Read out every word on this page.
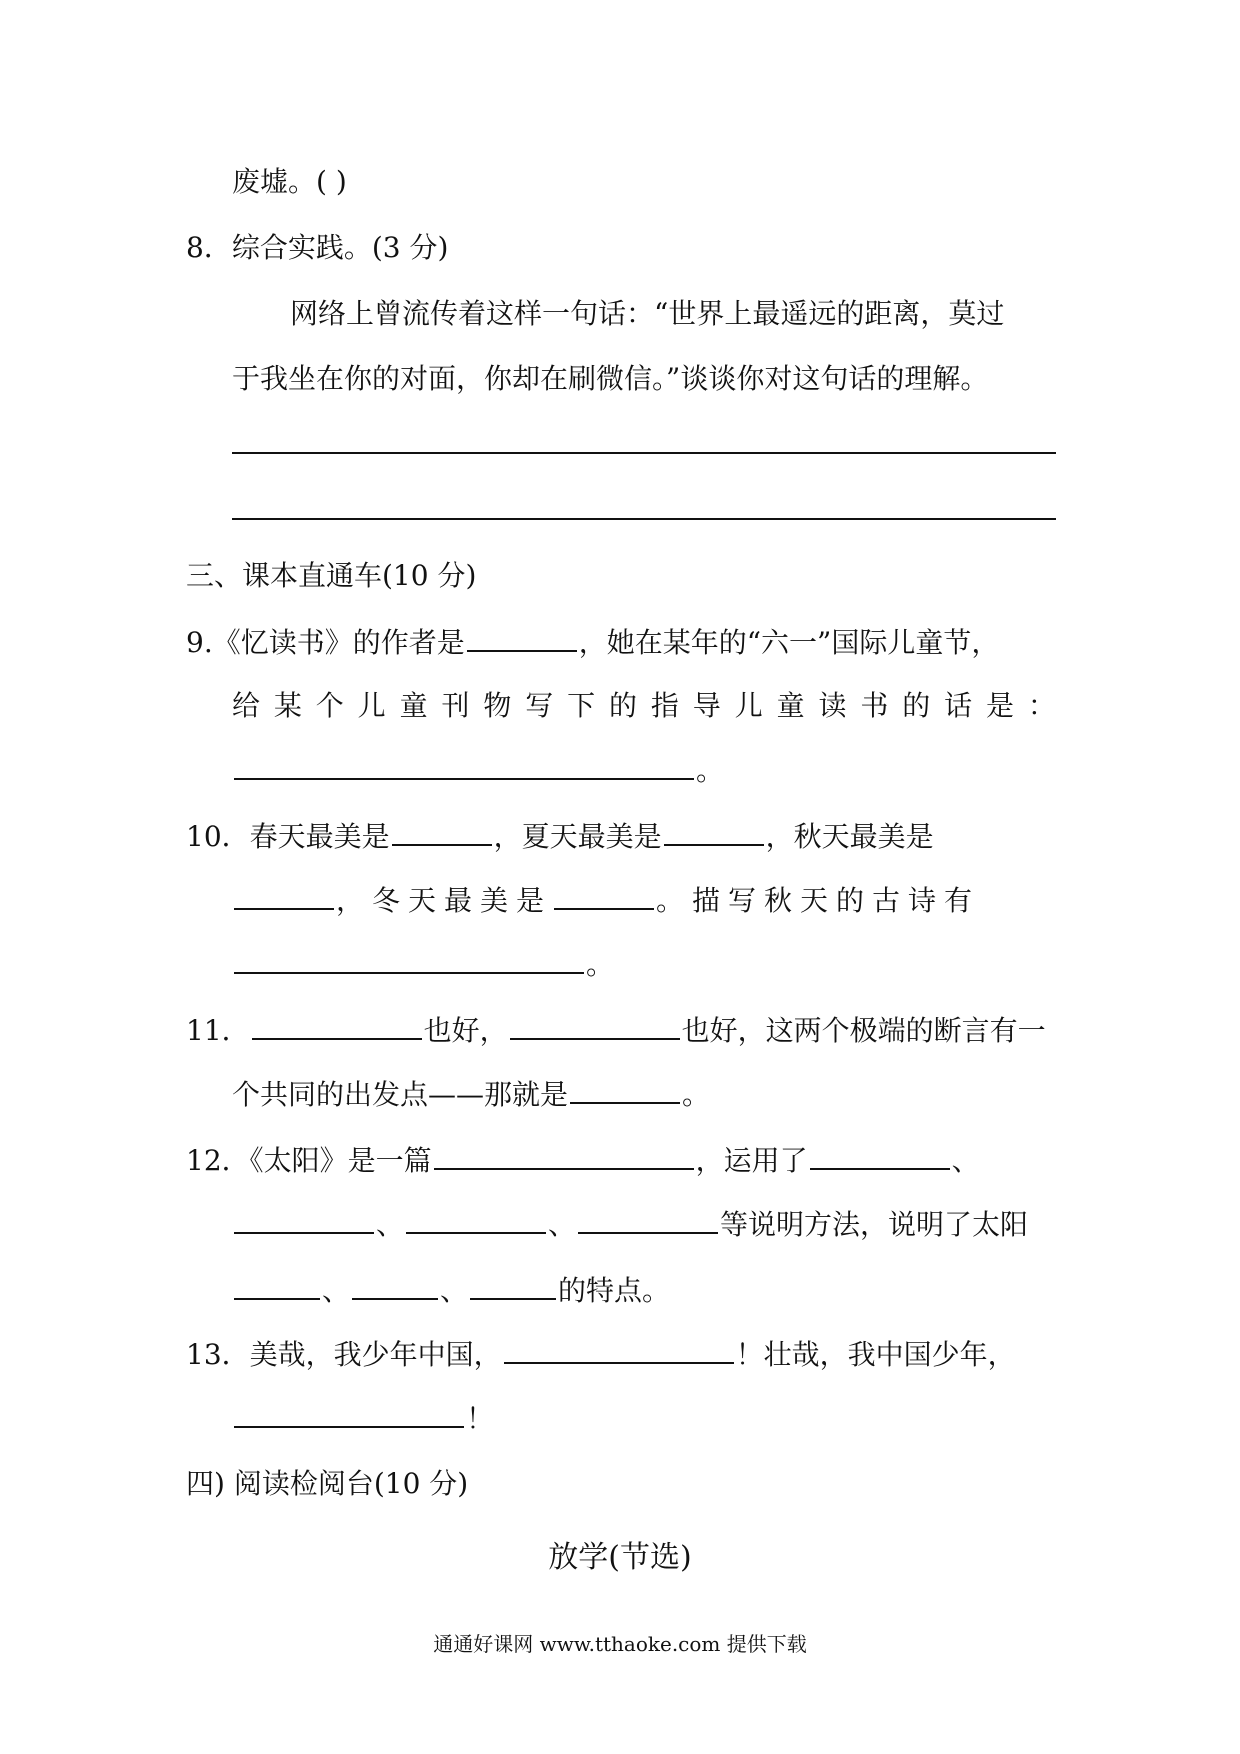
废墟。( )
8．综合实践。(3 分)
网络上曾流传着这样一句话：“世界上最遥远的距离，莫过
于我坐在你的对面，你却在刷微信。”谈谈你对这句话的理解。
三、课本直通车(10 分)
9.《忆读书》的作者是	，她在某年的“六一”国际儿童节，
给 某 个 儿 童 刊 物 写 下 的 指 导 儿 童 读 书 的 话 是 ：
。
10．春天最美是	，夏天最美是	，秋天最美是
，冬天最美是	。描写秋天的古诗有
。
11．	也好，	也好，这两个极端的断言有一
个共同的出发点——那就是	。
12．《太阳》是一篇	，运用了	、
、	、	等说明方法，说明了太阳
、	、	的特点。
13．美哉，我少年中国，	！壮哉，我中国少年，
！
四) 阅读检阅台(10 分)
放学(节选)
通通好课网 www.tthaoke.com 提供下载
